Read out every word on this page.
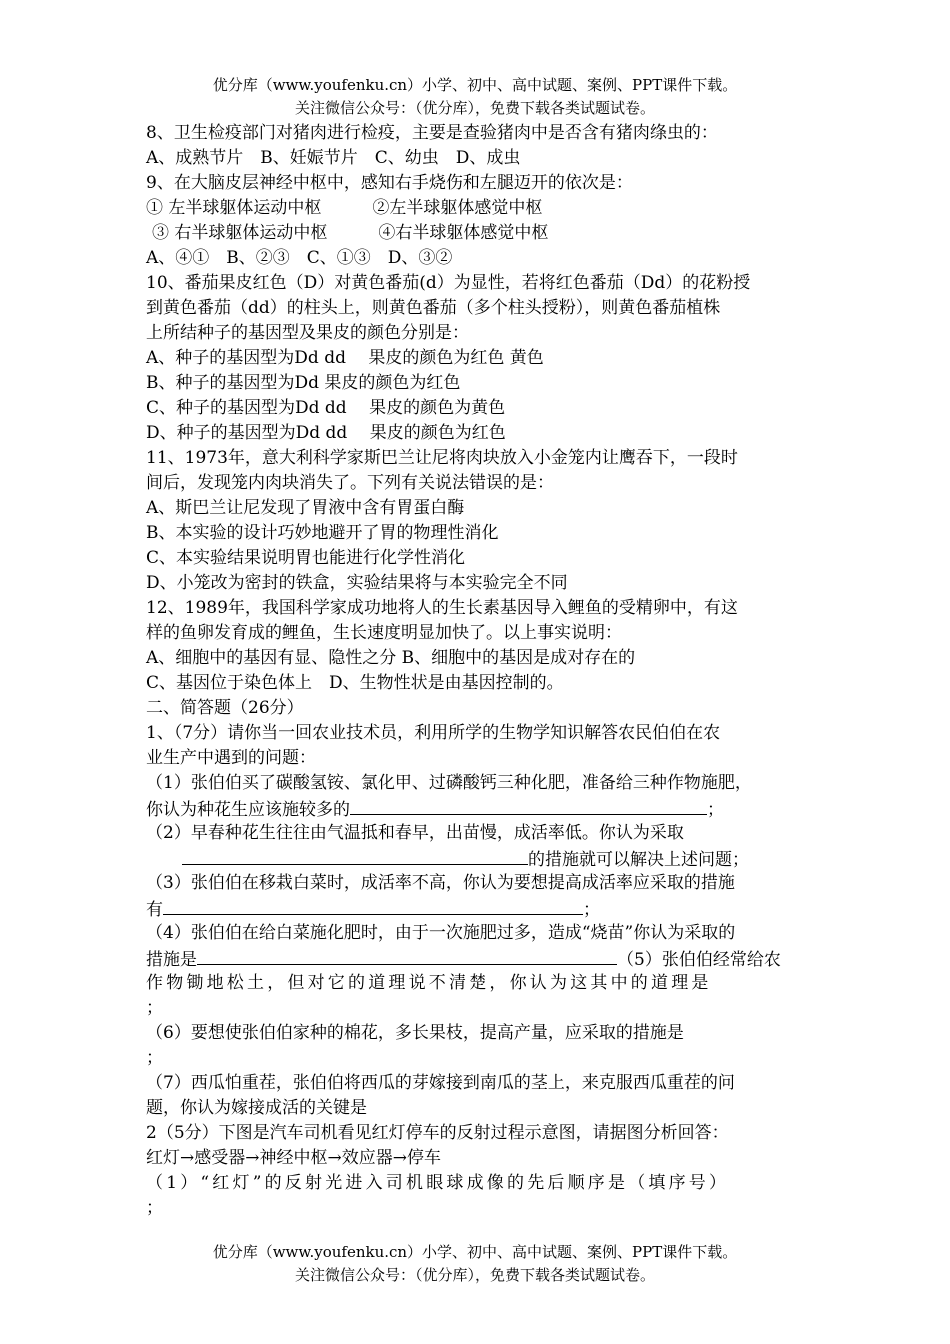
优分库（www.youfenku.cn）小学、初中、高中试题、案例、PPT课件下载。
关注微信公众号：（优分库），免费下载各类试题试卷。
8、卫生检疫部门对猪肉进行检疫，主要是查验猪肉中是否含有猪肉绦虫的：
A、成熟节片　B、妊娠节片　C、幼虫　D、成虫
9、在大脑皮层神经中枢中，感知右手烧伤和左腿迈开的依次是：
① 左半球躯体运动中枢　　　②左半球躯体感觉中枢
③ 右半球躯体运动中枢　　　④右半球躯体感觉中枢
A、④①　B、②③　C、①③　D、③②
10、番茄果皮红色（D）对黄色番茄(d）为显性，若将红色番茄（Dd）的花粉授
到黄色番茄（dd）的柱头上，则黄色番茄（多个柱头授粉），则黄色番茄植株
上所结种子的基因型及果皮的颜色分别是：
A、种子的基因型为Dd dd　 果皮的颜色为红色 黄色
B、种子的基因型为Dd 果皮的颜色为红色
C、种子的基因型为Dd dd　 果皮的颜色为黄色
D、种子的基因型为Dd dd　 果皮的颜色为红色
11、1973年，意大利科学家斯巴兰让尼将肉块放入小金笼内让鹰吞下，一段时
间后，发现笼内肉块消失了。下列有关说法错误的是：
A、斯巴兰让尼发现了胃液中含有胃蛋白酶
B、本实验的设计巧妙地避开了胃的物理性消化
C、本实验结果说明胃也能进行化学性消化
D、小笼改为密封的铁盒，实验结果将与本实验完全不同
12、1989年，我国科学家成功地将人的生长素基因导入鲤鱼的受精卵中，有这
样的鱼卵发育成的鲤鱼，生长速度明显加快了。以上事实说明：
A、细胞中的基因有显、隐性之分 B、细胞中的基因是成对存在的
C、基因位于染色体上　D、生物性状是由基因控制的。
二、简答题（26分）
1、（7分）请你当一回农业技术员，利用所学的生物学知识解答农民伯伯在农
业生产中遇到的问题：
（1）张伯伯买了碳酸氢铵、氯化甲、过磷酸钙三种化肥，准备给三种作物施肥，
你认为种花生应该施较多的	；
（2）早春种花生往往由气温抵和春早，出苗慢，成活率低。你认为采取
的措施就可以解决上述问题；
（3）张伯伯在移栽白菜时，成活率不高，你认为要想提高成活率应采取的措施
有	；
（4）张伯伯在给白菜施化肥时，由于一次施肥过多，造成“烧苗”你认为采取的
措施是	（5）张伯伯经常给农
作物锄地松土，但对它的道理说不清楚，你认为这其中的道理是
；
（6）要想使张伯伯家种的棉花，多长果枝，提高产量，应采取的措施是
；
（7）西瓜怕重茬，张伯伯将西瓜的芽嫁接到南瓜的茎上，来克服西瓜重茬的问
题，你认为嫁接成活的关键是
2（5分）下图是汽车司机看见红灯停车的反射过程示意图，请据图分析回答：
红灯→感受器→神经中枢→效应器→停车
（1）“红灯”的反射光进入司机眼球成像的先后顺序是（填序号）
；
优分库（www.youfenku.cn）小学、初中、高中试题、案例、PPT课件下载。
关注微信公众号：（优分库），免费下载各类试题试卷。
